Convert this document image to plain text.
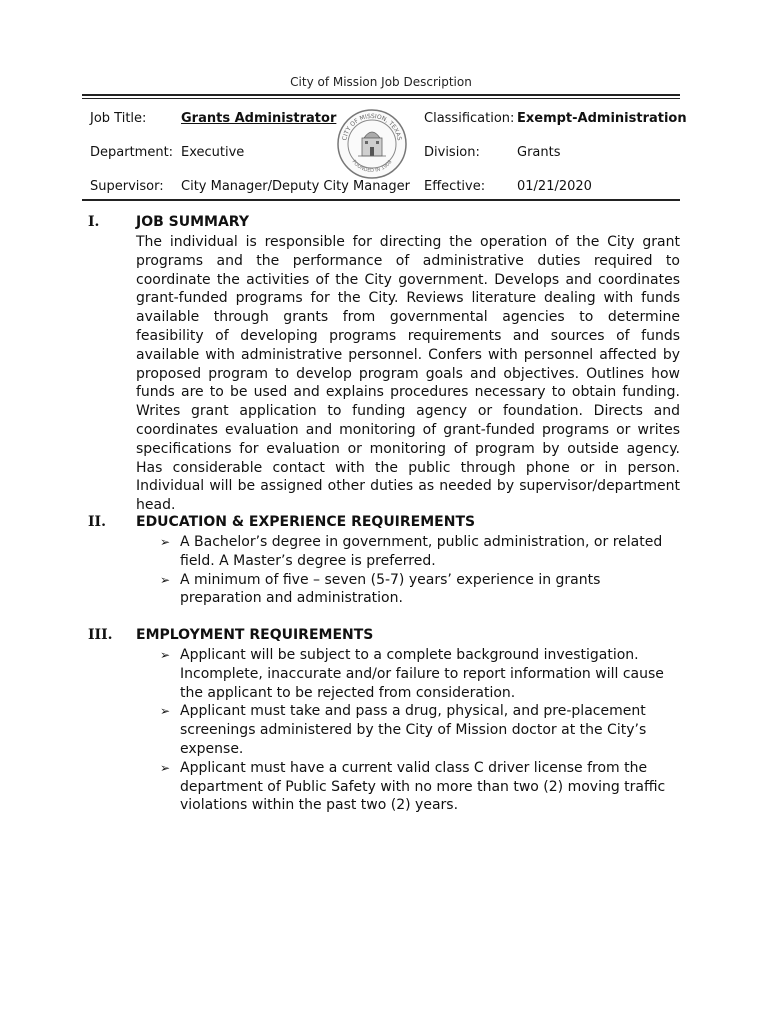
City of Mission Job Description
Job Title:	Grants Administrator	Classification: Exempt-Administration
Department: Executive	Division:	Grants
Supervisor: City Manager/Deputy City Manager Effective: 01/21/2020
CITY OF MISSION, TEXAS
FOUNDED IN 1908
I.	JOB SUMMARY
The individual is responsible for directing the operation of the City grant programs and the performance of administrative duties required to coordinate the activities of the City government. Develops and coordinates grant-funded programs for the City. Reviews literature dealing with funds available through grants from governmental agencies to determine feasibility of developing programs requirements and sources of funds available with administrative personnel. Confers with personnel affected by proposed program to develop program goals and objectives. Outlines how funds are to be used and explains procedures necessary to obtain funding. Writes grant application to funding agency or foundation. Directs and coordinates evaluation and monitoring of grant-funded programs or writes specifications for evaluation or monitoring of program by outside agency. Has considerable contact with the public through phone or in person. Individual will be assigned other duties as needed by supervisor/department head.
II. EDUCATION & EXPERIENCE REQUIREMENTS
➢ A Bachelor’s degree in government, public administration, or related field. A Master’s degree is preferred.
➢ A minimum of five – seven (5-7) years’ experience in grants preparation and administration.
III. EMPLOYMENT REQUIREMENTS
➢ Applicant will be subject to a complete background investigation. Incomplete, inaccurate and/or failure to report information will cause the applicant to be rejected from consideration.
➢ Applicant must take and pass a drug, physical, and pre-placement screenings administered by the City of Mission doctor at the City’s expense.
➢ Applicant must have a current valid class C driver license from the department of Public Safety with no more than two (2) moving traffic violations within the past two (2) years.
